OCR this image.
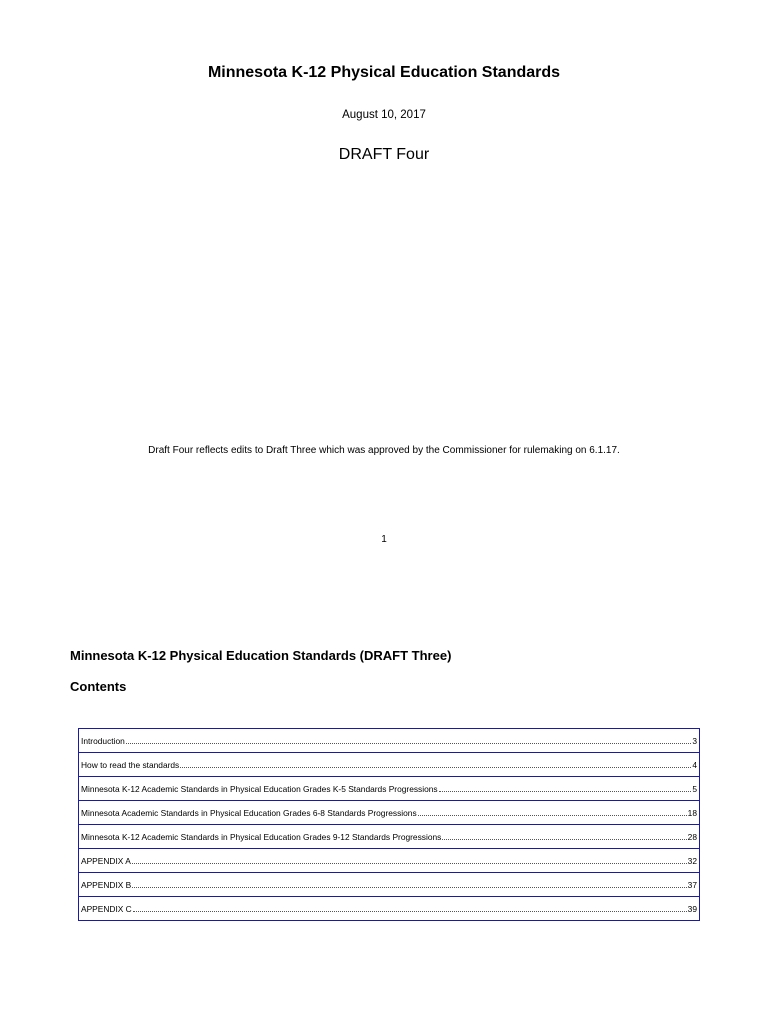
Minnesota K-12 Physical Education Standards
August 10, 2017
DRAFT Four
Draft Four reflects edits to Draft Three which was approved by the Commissioner for rulemaking on 6.1.17.
1
Minnesota K-12 Physical Education Standards (DRAFT Three)
Contents
Introduction	3

How to read the standards	4

Minnesota K-12 Academic Standards in Physical Education Grades K-5 Standards Progressions	5

Minnesota Academic Standards in Physical Education Grades 6-8 Standards Progressions	18

Minnesota K-12 Academic Standards in Physical Education Grades 9-12 Standards Progressions	28

APPENDIX A	32

APPENDIX B	37

APPENDIX C	39
